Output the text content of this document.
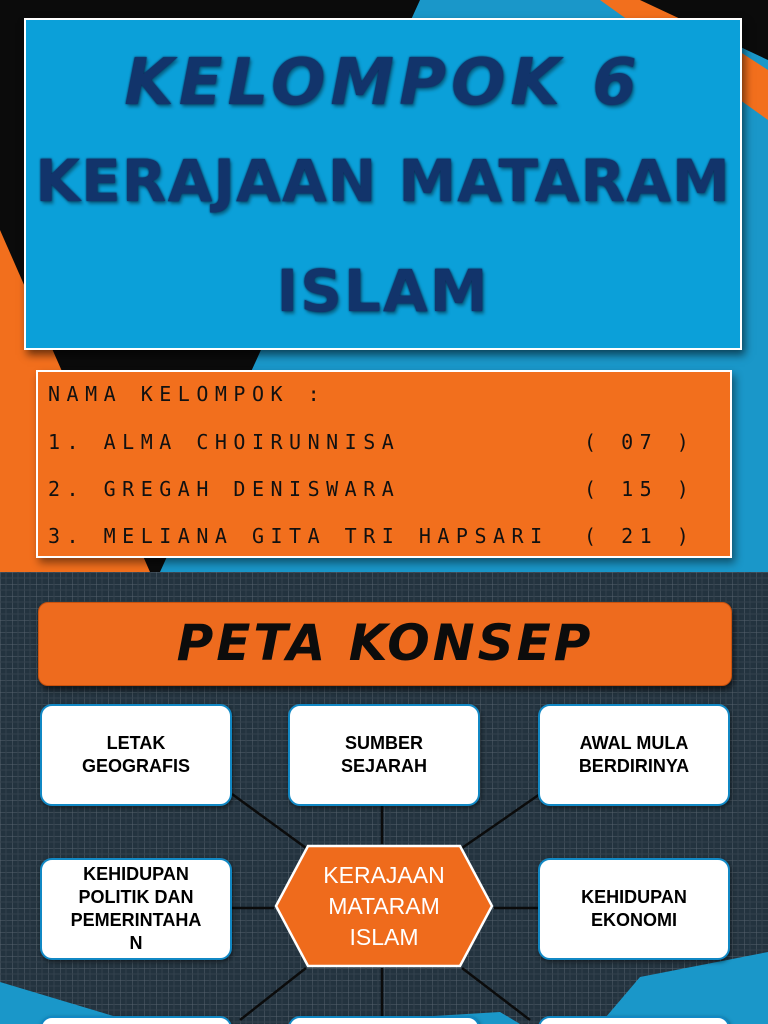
KELOMPOK 6
KERAJAAN MATARAM
ISLAM
NAMA KELOMPOK :
1. ALMA CHOIRUNNISA	( 07 )
2. GREGAH DENISWARA	( 15 )
3. MELIANA GITA TRI HAPSARI ( 21 )
PETA KONSEP
LETAK
GEOGRAFIS
SUMBER
SEJARAH
AWAL MULA
BERDIRINYA
KEHIDUPAN
POLITIK DAN
PEMERINTAHA
N
KEHIDUPAN
EKONOMI
KERAJAAN
MATARAM
ISLAM
